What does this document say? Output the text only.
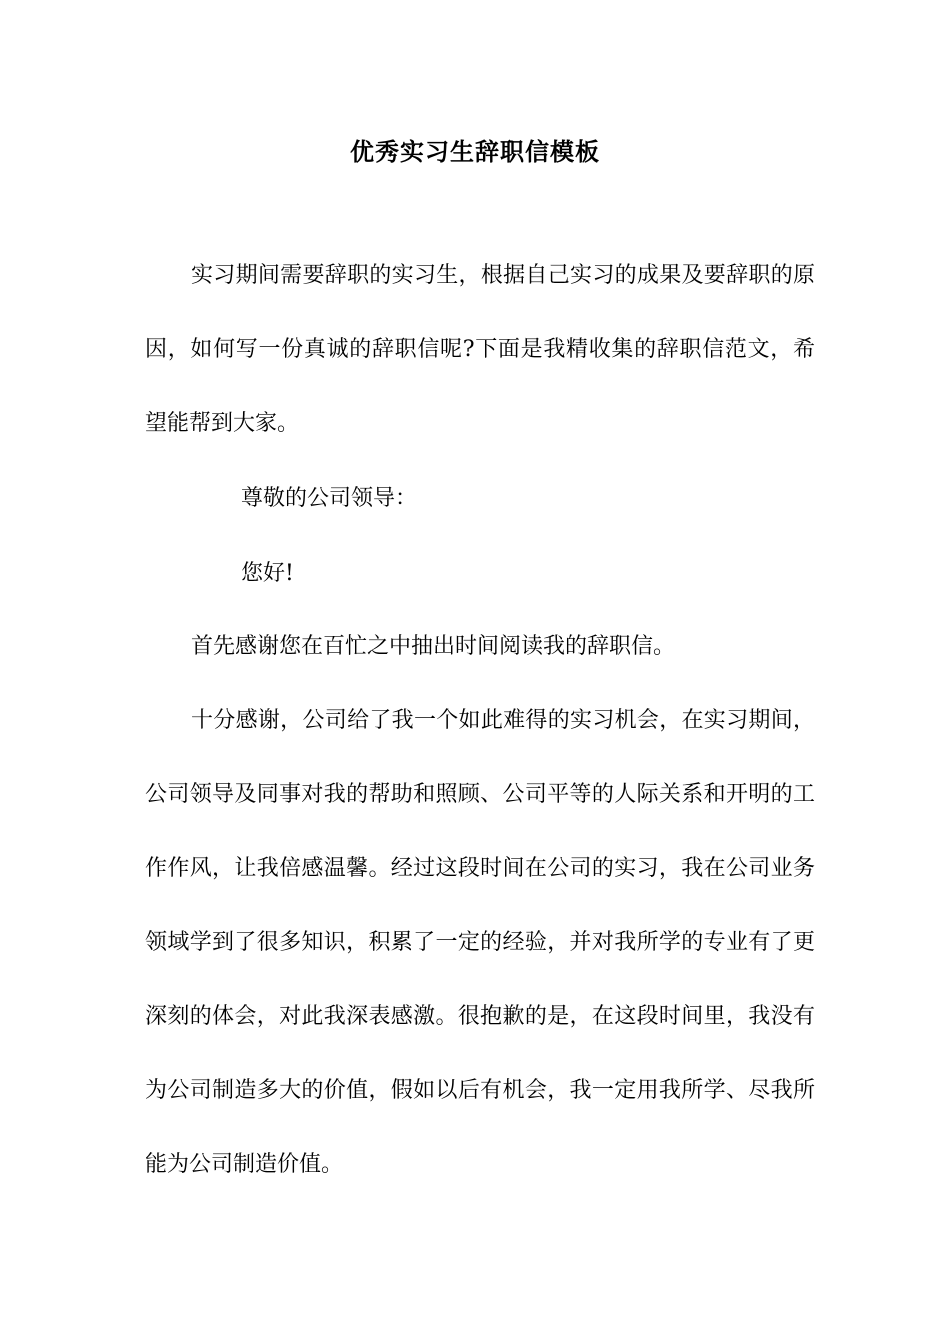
优秀实习生辞职信模板

实习期间需要辞职的实习生，根据自己实习的成果及要辞职的原因，如何写一份真诚的辞职信呢?下面是我精收集的辞职信范文，希望能帮到大家。

尊敬的公司领导：

您好!

首先感谢您在百忙之中抽出时间阅读我的辞职信。

十分感谢，公司给了我一个如此难得的实习机会，在实习期间，公司领导及同事对我的帮助和照顾、公司平等的人际关系和开明的工作作风，让我倍感温馨。经过这段时间在公司的实习，我在公司业务领域学到了很多知识，积累了一定的经验，并对我所学的专业有了更深刻的体会，对此我深表感激。很抱歉的是，在这段时间里，我没有为公司制造多大的价值，假如以后有机会，我一定用我所学、尽我所能为公司制造价值。
